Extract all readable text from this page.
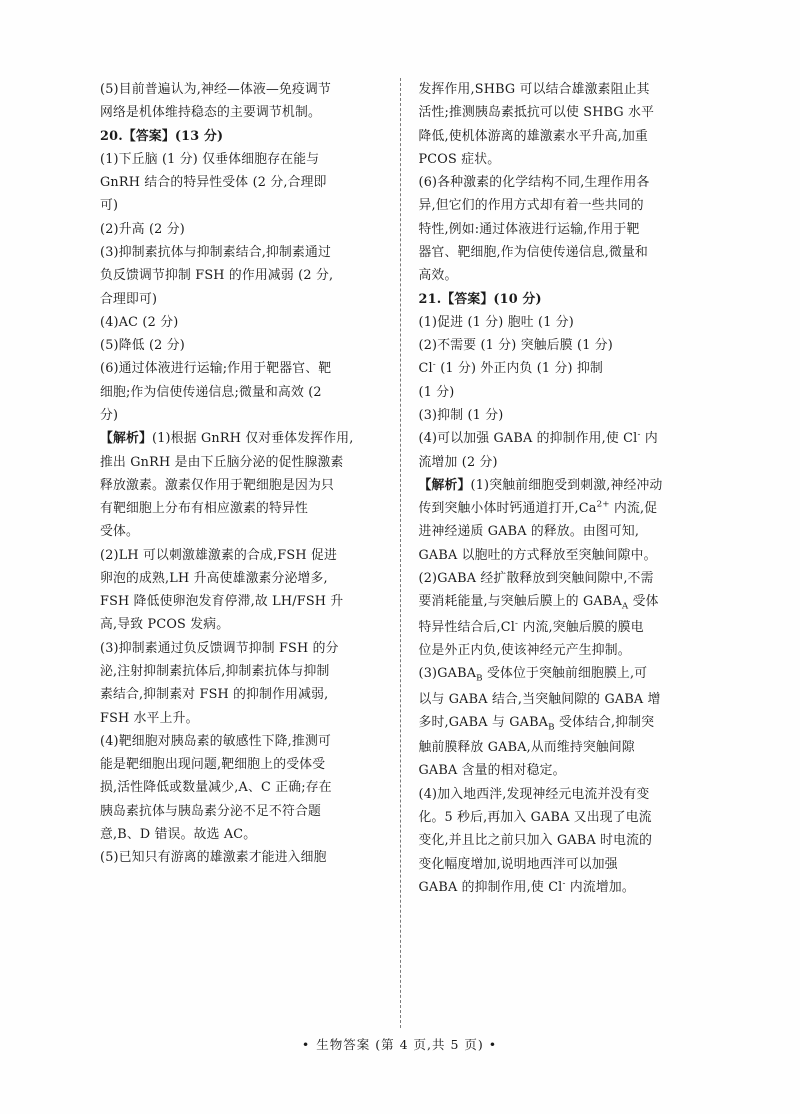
(5)目前普遍认为,神经—体液—免疫调节

网络是机体维持稳态的主要调节机制。

20.【答案】(13 分)

(1)下丘脑 (1 分) 仅垂体细胞存在能与

GnRH 结合的特异性受体 (2 分,合理即

可)

(2)升高 (2 分)

(3)抑制素抗体与抑制素结合,抑制素通过

负反馈调节抑制 FSH 的作用减弱 (2 分,

合理即可)

(4)AC (2 分)

(5)降低 (2 分)

(6)通过体液进行运输;作用于靶器官、靶

细胞;作为信使传递信息;微量和高效 (2

分)

【解析】(1)根据 GnRH 仅对垂体发挥作用,

推出 GnRH 是由下丘脑分泌的促性腺激素

释放激素。激素仅作用于靶细胞是因为只

有靶细胞上分布有相应激素的特异性

受体。

(2)LH 可以刺激雄激素的合成,FSH 促进

卵泡的成熟,LH 升高使雄激素分泌增多,

FSH 降低使卵泡发育停滞,故 LH/FSH 升

高,导致 PCOS 发病。

(3)抑制素通过负反馈调节抑制 FSH 的分

泌,注射抑制素抗体后,抑制素抗体与抑制

素结合,抑制素对 FSH 的抑制作用减弱,

FSH 水平上升。

(4)靶细胞对胰岛素的敏感性下降,推测可

能是靶细胞出现问题,靶细胞上的受体受

损,活性降低或数量减少,A、C 正确;存在

胰岛素抗体与胰岛素分泌不足不符合题

意,B、D 错误。故选 AC。

(5)已知只有游离的雄激素才能进入细胞

发挥作用,SHBG 可以结合雄激素阻止其

活性;推测胰岛素抵抗可以使 SHBG 水平

降低,使机体游离的雄激素水平升高,加重

PCOS 症状。

(6)各种激素的化学结构不同,生理作用各

异,但它们的作用方式却有着一些共同的

特性,例如:通过体液进行运输,作用于靶

器官、靶细胞,作为信使传递信息,微量和

高效。

21.【答案】(10 分)

(1)促进 (1 分) 胞吐 (1 分)

(2)不需要 (1 分) 突触后膜 (1 分)

Cl- (1 分) 外正内负 (1 分) 抑制

(1 分)

(3)抑制 (1 分)

(4)可以加强 GABA 的抑制作用,使 Cl- 内

流增加 (2 分)

【解析】(1)突触前细胞受到刺激,神经冲动

传到突触小体时钙通道打开$,Ca^{2+}$ 内流,促

进神经递质 GABA 的释放。由图可知,

GABA 以胞吐的方式释放至突触间隙中。

(2)GABA 经扩散释放到突触间隙中,不需

要消耗能量,与突触后膜上的 $GABA_A$ 受体

特异性结合后,Cl- 内流,突触后膜的膜电

位是外正内负,使该神经元产生抑制。

$(3)GABA_B$ 受体位于突触前细胞膜上,可

以与 GABA 结合,当突触间隙的 GABA 增

多时,GABA 与 $GABA_B$ 受体结合,抑制突

触前膜释放 GABA,从而维持突触间隙

GABA 含量的相对稳定。

(4)加入地西泮,发现神经元电流并没有变

化。5 秒后,再加入 GABA 又出现了电流

变化,并且比之前只加入 GABA 时电流的

变化幅度增加,说明地西泮可以加强

GABA 的抑制作用,使 Cl- 内流增加。

• 生物答案 (第 4 页,共 5 页) •
